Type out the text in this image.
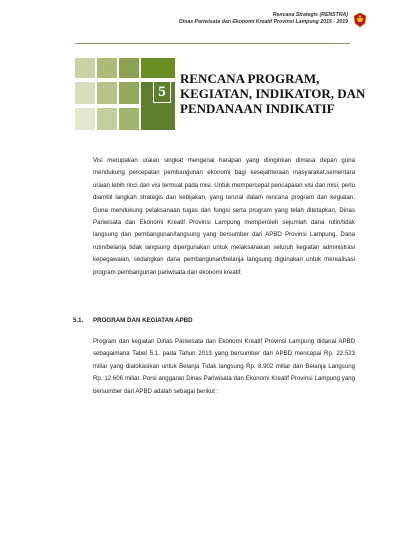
Rencana Strategis (RENSTRA)
Dinas Pariwisata dan Ekonomi Kreatif Provinsi Lampung 2015 - 2019
5
RENCANA PROGRAM, KEGIATAN, INDIKATOR, DAN PENDANAAN INDIKATIF
Visi merupakan uraian singkat mengenai harapan yang diinginkan dimasa depan guna mendukung percepatan pembangunan ekonomi bagi kesejahteraan masyarakat,sementara uraian lebih rinci dari visi termuat pada misi. Untuk mempercepat pencapaian visi dan misi, perlu diambil langkah strategis dan kebijakan, yang terurai dalam rencana program dan kegiatan. Guna mendukung pelaksanaan tugas dan fungsi serta program yang telah ditetapkan, Dinas Pariwisata dan Ekonomi Kreatif Provinsi Lampung memperoleh sejumlah dana rutin/tidak langsung dan pembangunan/langsung yang bersumber dari APBD Provinsi Lampung. Dana rutin/belanja tidak langsung dipergunakan untuk melaksanakan seluruh kegiatan administrasi kepegawaian, sedangkan dana pembangunan/belanja langsung digunakan untuk merealisasi program pembangunan pariwisata dan ekonomi kreatif.
5.1. PROGRAM DAN KEGIATAN APBD
Program dan kegiatan Dinas Pariwisata dan Ekonomi Kreatif Provinsi Lampung didanai APBD sebagaimana Tabel 5.1. pada Tahun 2013 yang bersumber dari APBD mencapai Rp. 22.523 miliar yang dialokasikan untuk Belanja Tidak langsung Rp. 8.902 miliar dan Belanja Langsung Rp. 12.606 miliar. Porsi anggaran Dinas Pariwisata dan Ekonomi Kreatif Provinsi Lampung yang bersumber dari APBD adalah sebagai berikut :
